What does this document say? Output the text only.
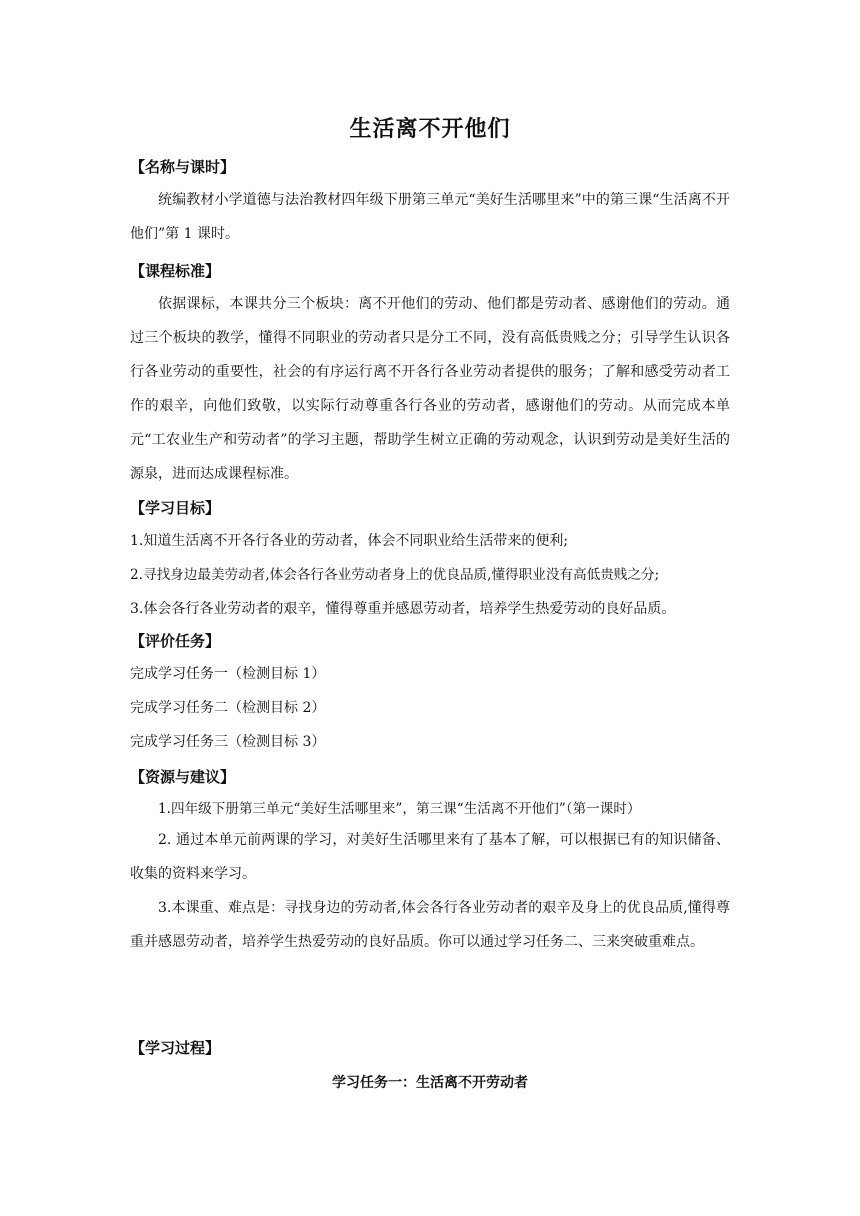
生活离不开他们
【名称与课时】
统编教材小学道德与法治教材四年级下册第三单元“美好生活哪里来”中的第三课“生活离不开他们”第 1 课时。
【课程标准】
依据课标，本课共分三个板块：离不开他们的劳动、他们都是劳动者、感谢他们的劳动。通过三个板块的教学，懂得不同职业的劳动者只是分工不同，没有高低贵贱之分；引导学生认识各行各业劳动的重要性，社会的有序运行离不开各行各业劳动者提供的服务；了解和感受劳动者工作的艰辛，向他们致敬，以实际行动尊重各行各业的劳动者，感谢他们的劳动。从而完成本单元“工农业生产和劳动者”的学习主题，帮助学生树立正确的劳动观念，认识到劳动是美好生活的源泉，进而达成课程标准。
【学习目标】
1.知道生活离不开各行各业的劳动者，体会不同职业给生活带来的便利;
2.寻找身边最美劳动者,体会各行各业劳动者身上的优良品质,懂得职业没有高低贵贱之分;
3.体会各行各业劳动者的艰辛，懂得尊重并感恩劳动者，培养学生热爱劳动的良好品质。
【评价任务】
完成学习任务一（检测目标 1）
完成学习任务二（检测目标 2）
完成学习任务三（检测目标 3）
【资源与建议】
1.四年级下册第三单元“美好生活哪里来”，第三课“生活离不开他们”（第一课时）
2. 通过本单元前两课的学习，对美好生活哪里来有了基本了解，可以根据已有的知识储备、收集的资料来学习。
3.本课重、难点是：寻找身边的劳动者,体会各行各业劳动者的艰辛及身上的优良品质,懂得尊重并感恩劳动者，培养学生热爱劳动的良好品质。你可以通过学习任务二、三来突破重难点。
【学习过程】
学习任务一：生活离不开劳动者
